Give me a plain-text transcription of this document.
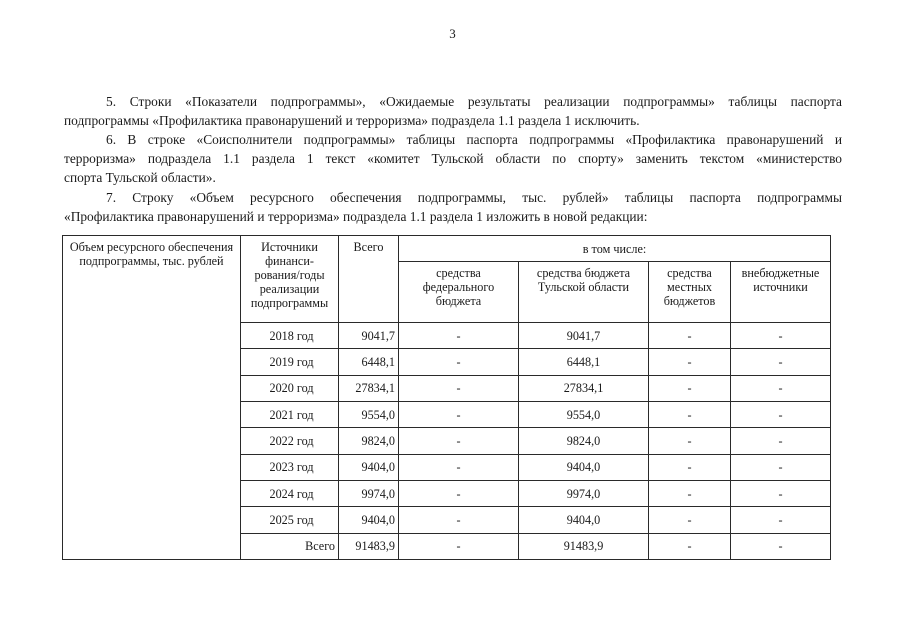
3
5. Строки «Показатели подпрограммы», «Ожидаемые результаты реализации подпрограммы» таблицы паспорта
подпрограммы «Профилактика правонарушений и терроризма» подраздела 1.1 раздела 1 исключить.
6. В строке «Соисполнители подпрограммы» таблицы паспорта подпрограммы «Профилактика правонарушений и
терроризма» подраздела 1.1 раздела 1 текст «комитет Тульской области по спорту» заменить текстом «министерство
спорта Тульской области».
7. Строку «Объем ресурсного обеспечения подпрограммы, тыс. рублей» таблицы паспорта подпрограммы
«Профилактика правонарушений и терроризма» подраздела 1.1 раздела 1 изложить в новой редакции:
Объем ресурсного обеспечения подпрограммы, тыс. рублей	Источники финанси-рования/годы реализации подпрограммы	Всего	в том числе:			
			средства федерального бюджета	средства бюджета Тульской области	средства местных бюджетов	внебюджетные источники
	2018 год	9041,7	-	9041,7	-	-
	2019 год	6448,1	-	6448,1	-	-
	2020 год	27834,1	-	27834,1	-	-
	2021 год	9554,0	-	9554,0	-	-
	2022 год	9824,0	-	9824,0	-	-
	2023 год	9404,0	-	9404,0	-	-
	2024 год	9974,0	-	9974,0	-	-
	2025 год	9404,0	-	9404,0	-	-
	Всего	91483,9	-	91483,9	-	-
